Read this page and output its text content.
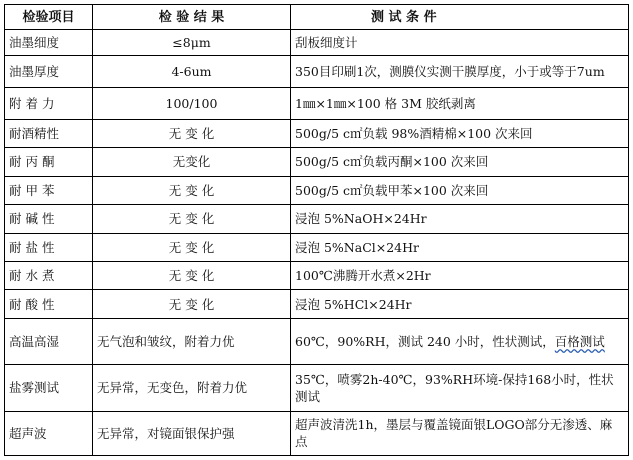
检验项目	检 验 结 果	测 试 条 件
油墨细度	≤8μm	刮板细度计
油墨厚度	4-6um	350目印刷1次，测膜仪实测干膜厚度，小于或等于7um
附 着 力	100/100	1㎜×1㎜×100 格 3M 胶纸剥离
耐酒精性	无 变 化	500g/5 c㎡负载 98%酒精棉×100 次来回
耐 丙 酮	无变化	500g/5 c㎡负载丙酮×100 次来回
耐 甲 苯	无 变 化	500g/5 c㎡负载甲苯×100 次来回
耐 碱 性	无 变 化	浸泡 5%NaOH×24Hr
耐 盐 性	无 变 化	浸泡 5%NaCl×24Hr
耐 水 煮	无 变 化	100℃沸腾开水煮×2Hr
耐 酸 性	无 变 化	浸泡 5%HCl×24Hr
高温高湿	无气泡和皱纹，附着力优	60℃，90%RH，测试 240 小时，性状测试，百格测试
盐雾测试	无异常，无变色，附着力优	35℃，喷雾2h-40℃，93%RH环境-保持168小时，性状测试
超声波	无异常，对镜面银保护强	超声波清洗1h，墨层与覆盖镜面银LOGO部分无渗透、麻点
